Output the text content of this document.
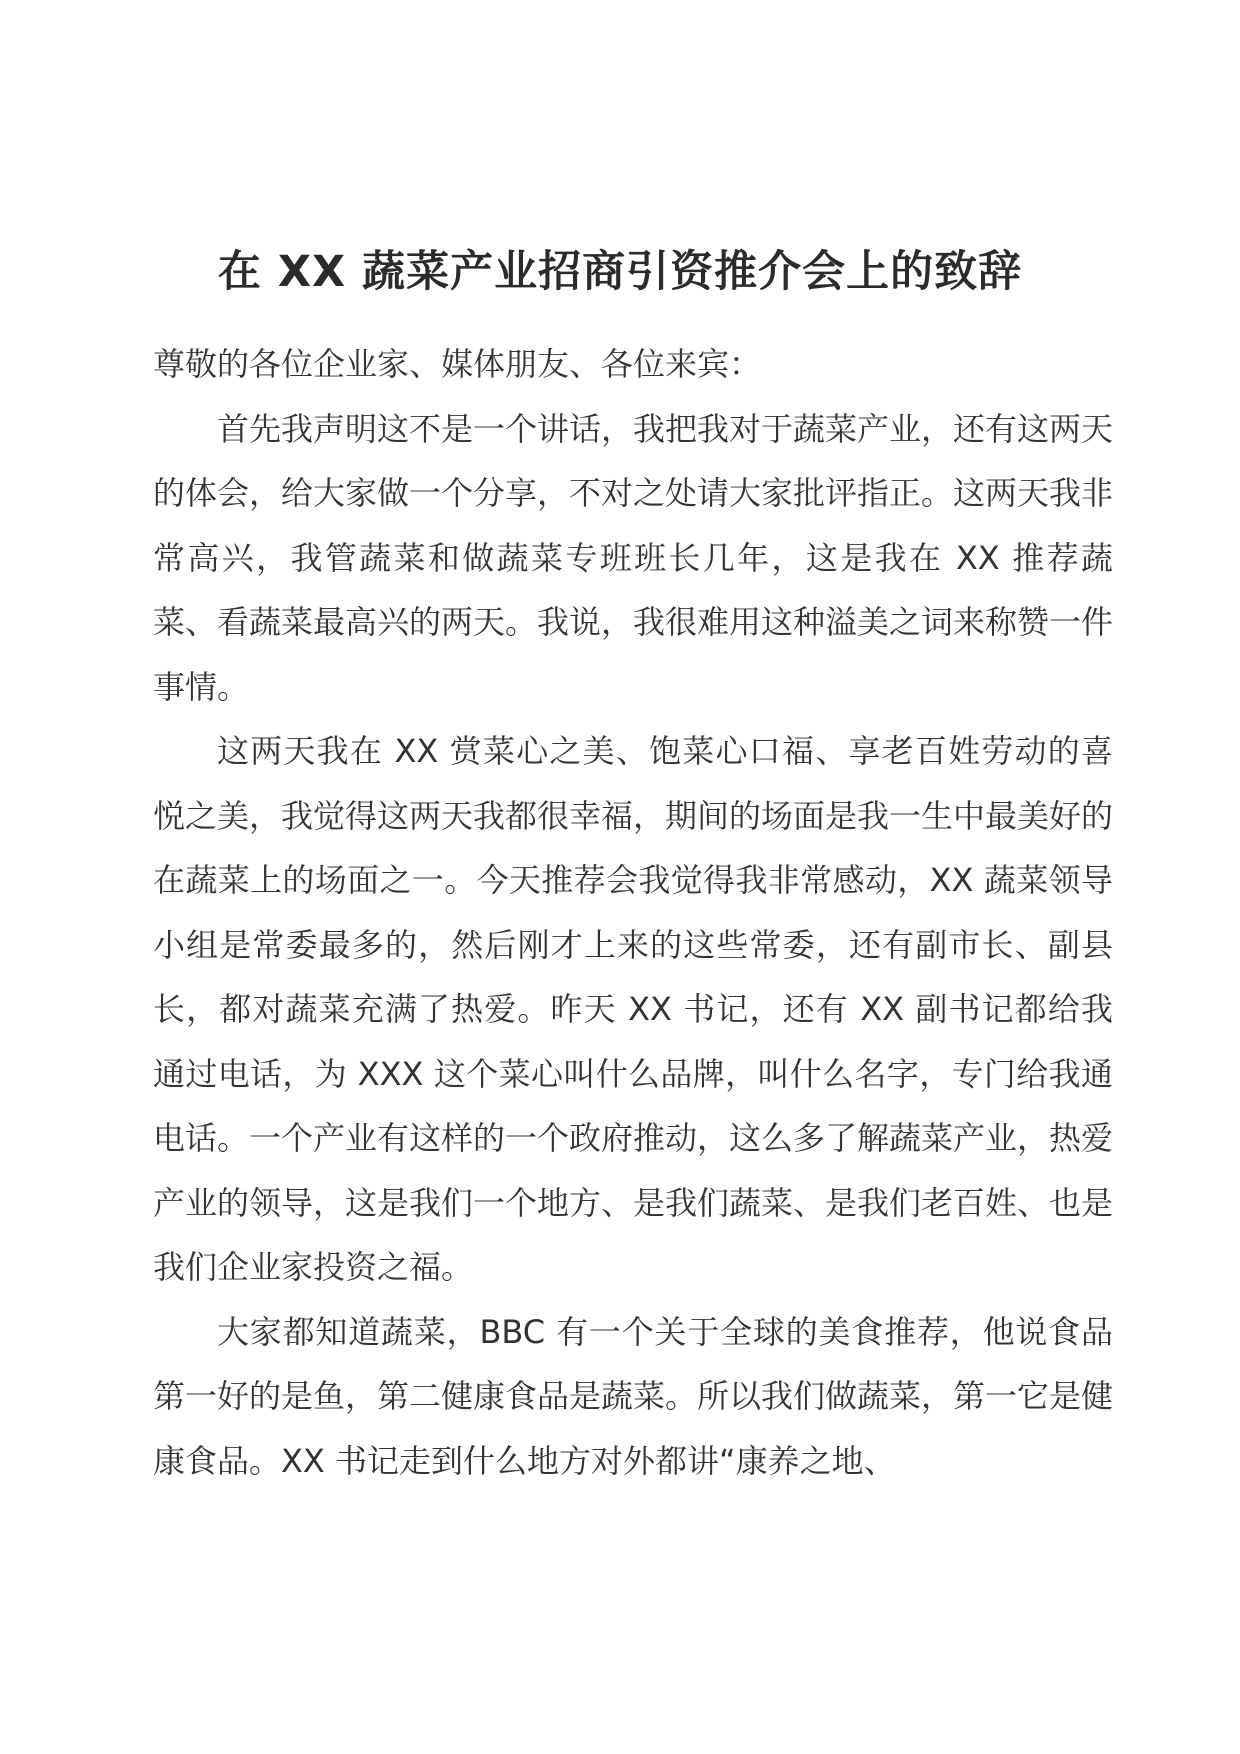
在 XX 蔬菜产业招商引资推介会上的致辞

尊敬的各位企业家、媒体朋友、各位来宾：

首先我声明这不是一个讲话，我把我对于蔬菜产业，还有这两天的体会，给大家做一个分享，不对之处请大家批评指正。这两天我非常高兴，我管蔬菜和做蔬菜专班班长几年，这是我在 XX 推荐蔬菜、看蔬菜最高兴的两天。我说，我很难用这种溢美之词来称赞一件事情。

这两天我在 XX 赏菜心之美、饱菜心口福、享老百姓劳动的喜悦之美，我觉得这两天我都很幸福，期间的场面是我一生中最美好的在蔬菜上的场面之一。今天推荐会我觉得我非常感动，XX 蔬菜领导小组是常委最多的，然后刚才上来的这些常委，还有副市长、副县长，都对蔬菜充满了热爱。昨天 XX 书记，还有 XX 副书记都给我通过电话，为 XXX 这个菜心叫什么品牌，叫什么名字，专门给我通电话。一个产业有这样的一个政府推动，这么多了解蔬菜产业，热爱产业的领导，这是我们一个地方、是我们蔬菜、是我们老百姓、也是我们企业家投资之福。

大家都知道蔬菜，BBC 有一个关于全球的美食推荐，他说食品第一好的是鱼，第二健康食品是蔬菜。所以我们做蔬菜，第一它是健康食品。XX 书记走到什么地方对外都讲“康养之地、
